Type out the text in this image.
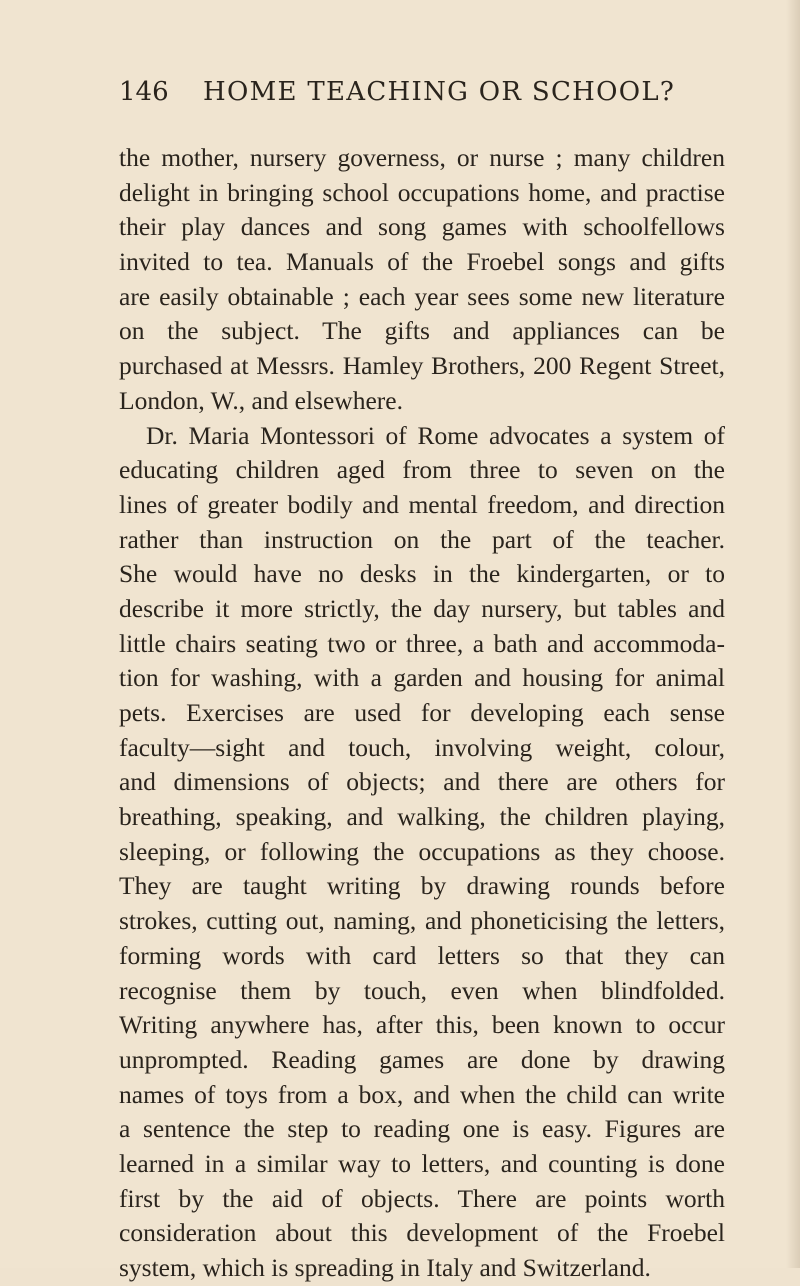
146 HOME TEACHING OR SCHOOL?
the mother, nursery governess, or nurse ; many children
delight in bringing school occupations home, and practise
their play dances and song games with schoolfellows
invited to tea. Manuals of the Froebel songs and gifts
are easily obtainable ; each year sees some new literature
on the subject. The gifts and appliances can be
purchased at Messrs. Hamley Brothers, 200 Regent Street,
London, W., and elsewhere.
Dr. Maria Montessori of Rome advocates a system of
educating children aged from three to seven on the
lines of greater bodily and mental freedom, and direction
rather than instruction on the part of the teacher.
She would have no desks in the kindergarten, or to
describe it more strictly, the day nursery, but tables and
little chairs seating two or three, a bath and accommoda-
tion for washing, with a garden and housing for animal
pets. Exercises are used for developing each sense
faculty—sight and touch, involving weight, colour,
and dimensions of objects; and there are others for
breathing, speaking, and walking, the children playing,
sleeping, or following the occupations as they choose.
They are taught writing by drawing rounds before
strokes, cutting out, naming, and phoneticising the letters,
forming words with card letters so that they can
recognise them by touch, even when blindfolded.
Writing anywhere has, after this, been known to occur
unprompted. Reading games are done by drawing
names of toys from a box, and when the child can write
a sentence the step to reading one is easy. Figures are
learned in a similar way to letters, and counting is done
first by the aid of objects. There are points worth
consideration about this development of the Froebel
system, which is spreading in Italy and Switzerland.
